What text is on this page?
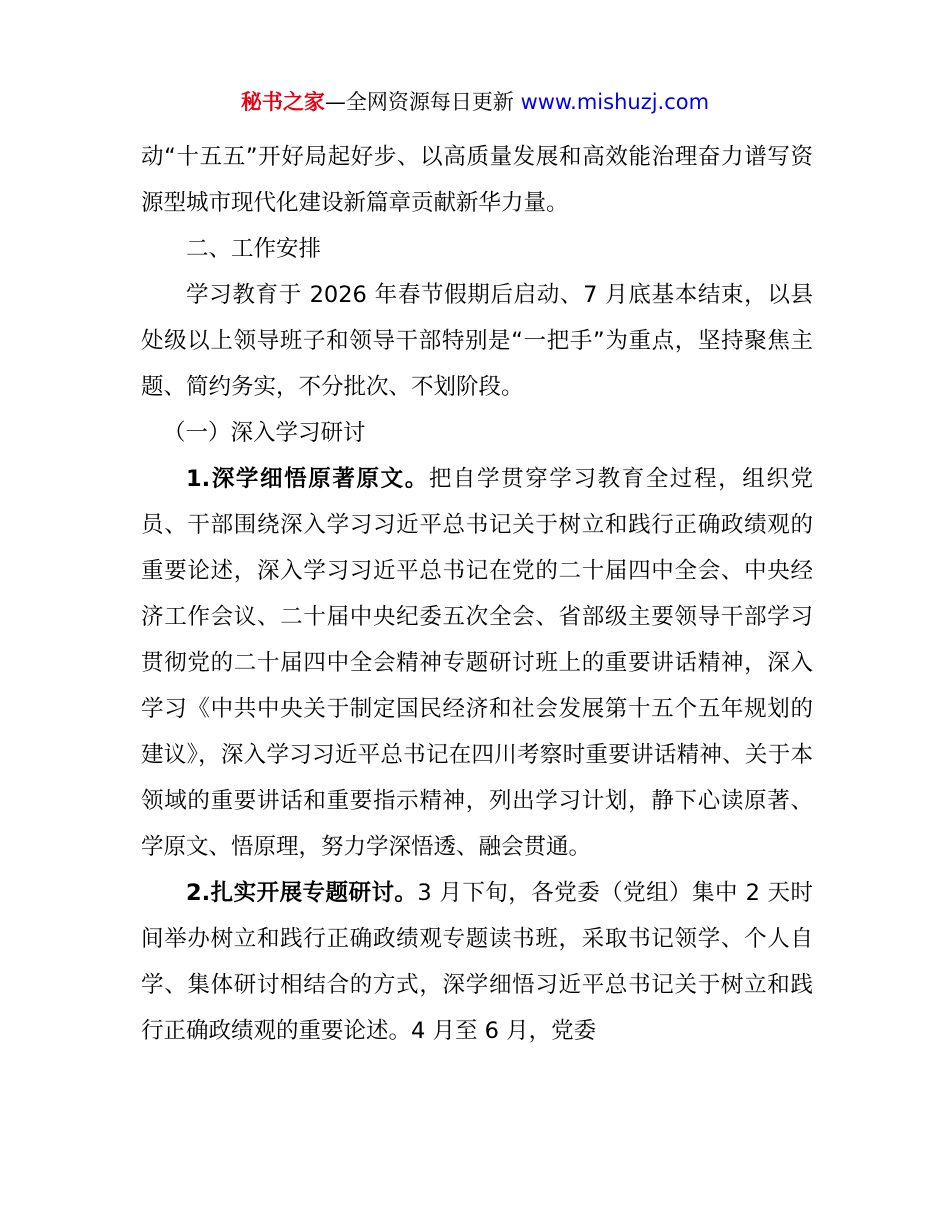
秘书之家—全网资源每日更新 www.mishuzj.com

动“十五五”开好局起好步、以高质量发展和高效能治理奋力谱写资源型城市现代化建设新篇章贡献新华力量。

二、工作安排

学习教育于 2026 年春节假期后启动、7 月底基本结束，以县处级以上领导班子和领导干部特别是“一把手”为重点，坚持聚焦主题、简约务实，不分批次、不划阶段。

（一）深入学习研讨

1.深学细悟原著原文。把自学贯穿学习教育全过程，组织党员、干部围绕深入学习习近平总书记关于树立和践行正确政绩观的重要论述，深入学习习近平总书记在党的二十届四中全会、中央经济工作会议、二十届中央纪委五次全会、省部级主要领导干部学习贯彻党的二十届四中全会精神专题研讨班上的重要讲话精神，深入学习《中共中央关于制定国民经济和社会发展第十五个五年规划的建议》，深入学习习近平总书记在四川考察时重要讲话精神、关于本领域的重要讲话和重要指示精神，列出学习计划，静下心读原著、学原文、悟原理，努力学深悟透、融会贯通。

2.扎实开展专题研讨。3 月下旬，各党委（党组）集中 2 天时间举办树立和践行正确政绩观专题读书班，采取书记领学、个人自学、集体研讨相结合的方式，深学细悟习近平总书记关于树立和践行正确政绩观的重要论述。4 月至 6 月，党委
